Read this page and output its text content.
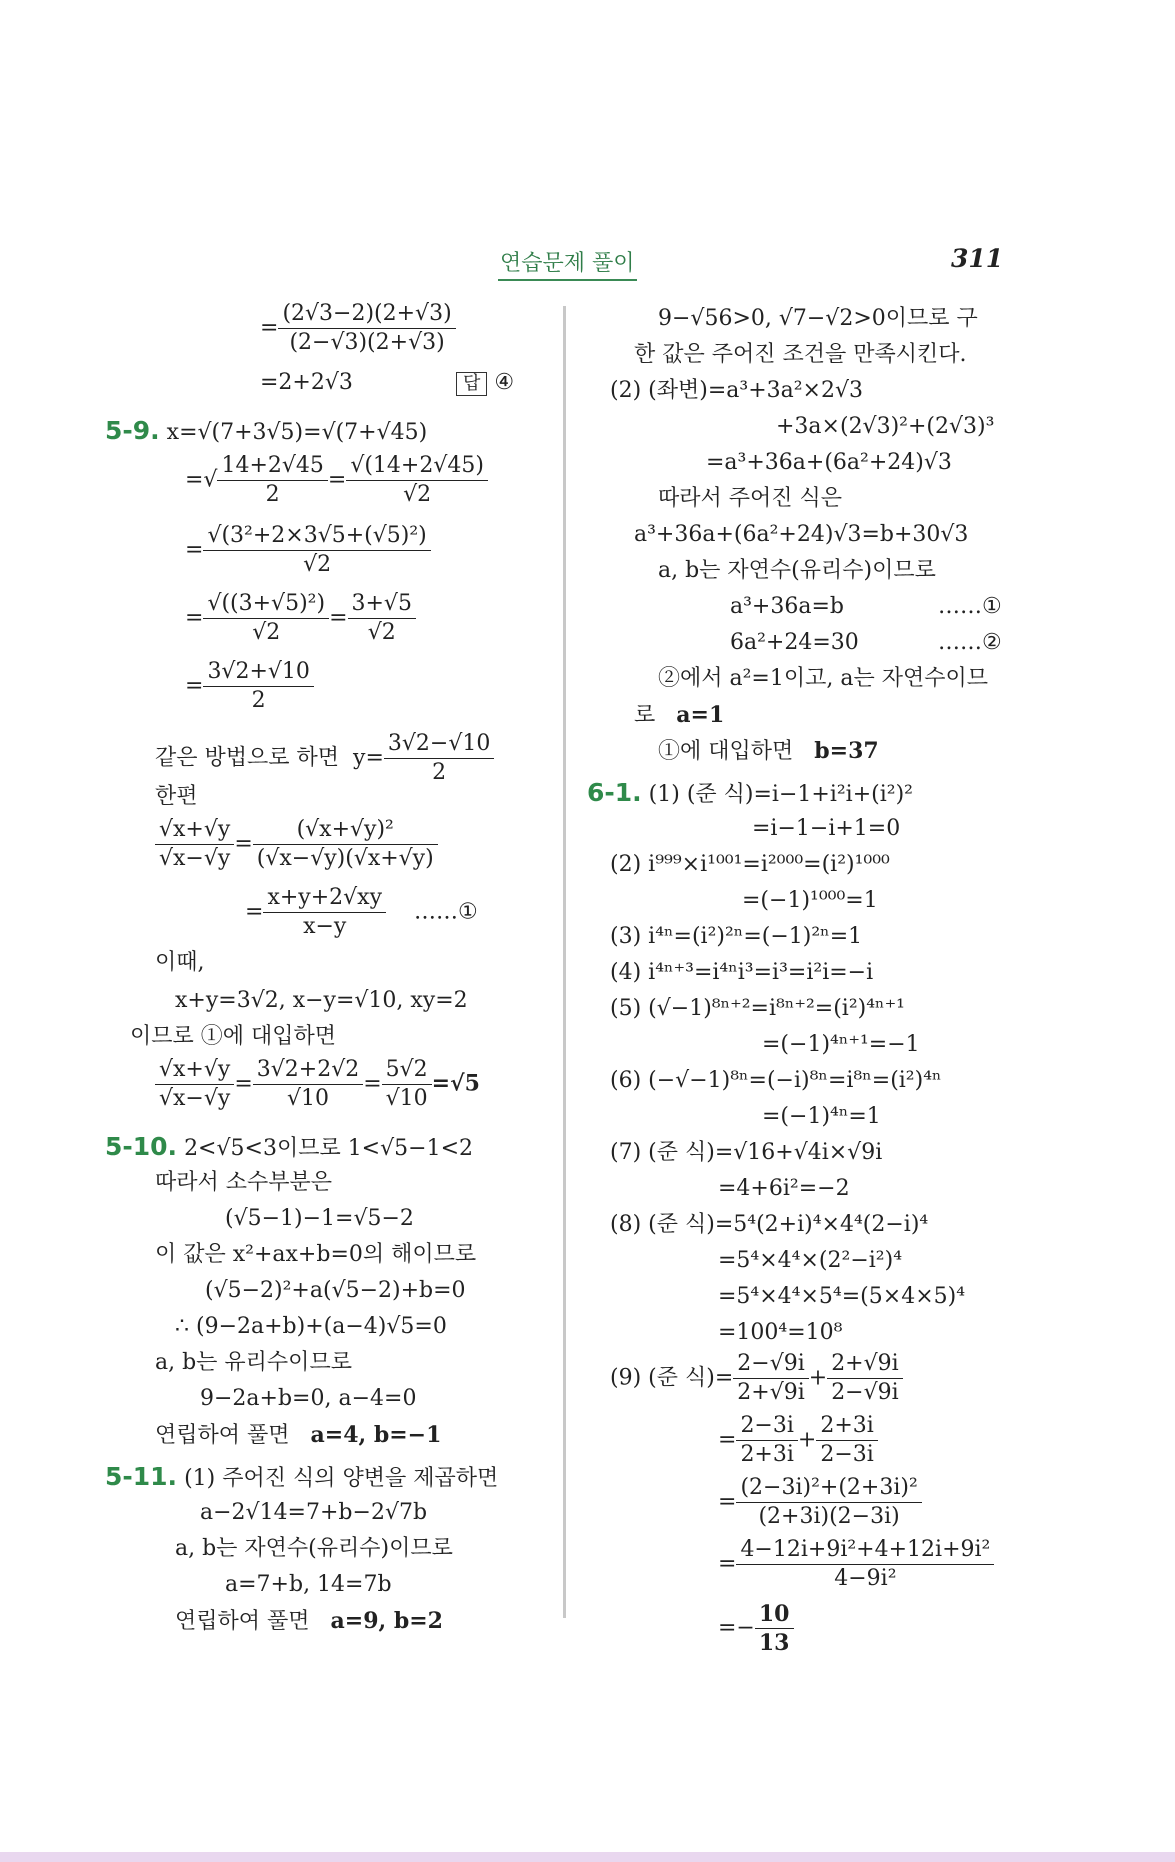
연습문제 풀이	311
= $\frac{(2√3-2)(2+√3)}{(2-√3)(2+√3)}$
=2+2√3	답 ④
5-9. x=√(7+3√5)=√(7+√45)
=√ $\frac{14+2√45}{2} = \frac{√(14+2√45)}{√2}$
= $\frac{\text{√(3²+2×3√5+(√5)²)}}{√2}$
= $\frac{\text{√((3+√5)²)}}{√2} = \frac{3+√5}{√2}$
= $\frac{3√2+√10}{2}$
같은 방법으로 하면 $y= \frac{3√2-√10}{2}$
한편
$\frac{√x+√y}{√x-√y} = \frac{\text{(√x+√y)²}}{(√x-√y)(√x+√y)}$
= $\frac{x+y+2√xy}{x-y}$ ……①
이때,
x+y=3√2, x−y=√10, xy=2
이므로 ①에 대입하면
$\frac{√x+√y}{√x-√y} = \frac{3√2+2√2}{√10} = \frac{5√2}{√10} =√5$
5-10. 2<√5<3이므로 1<√5−1<2
따라서 소수부분은
(√5−1)−1=√5−2
이 값은 x²+ax+b=0의 해이므로
(√5−2)²+a(√5−2)+b=0
∴ (9−2a+b)+(a−4)√5=0
a, b는 유리수이므로
9−2a+b=0, a−4=0
연립하여 풀면 a=4, b=−1
5-11. (1) 주어진 식의 양변을 제곱하면
a−2√14=7+b−2√7b
a, b는 자연수(유리수)이므로
a=7+b, 14=7b
연립하여 풀면 a=9, b=2
9−√56>0, √7−√2>0이므로 구
한 값은 주어진 조건을 만족시킨다.
(2) (좌변)=a³+3a²×2√3
+3a×(2√3)²+(2√3)³
=a³+36a+(6a²+24)√3
따라서 주어진 식은
a³+36a+(6a²+24)√3=b+30√3
a, b는 자연수(유리수)이므로
a³+36a=b	……①
6a²+24=30	……②
②에서 a²=1이고, a는 자연수이므
로 a=1
①에 대입하면 b=37
6-1. (1) (준 식)=i−1+i²i+(i²)²
=i−1−i+1=0
(2) i⁹⁹⁹×i¹⁰⁰¹=i²⁰⁰⁰=(i²)¹⁰⁰⁰
=(−1)¹⁰⁰⁰=1
(3) i⁴ⁿ=(i²)²ⁿ=(−1)²ⁿ=1
(4) i⁴ⁿ⁺³=i⁴ⁿi³=i³=i²i=−i
(5) (√−1)⁸ⁿ⁺²=i⁸ⁿ⁺²=(i²)⁴ⁿ⁺¹
=(−1)⁴ⁿ⁺¹=−1
(6) (−√−1)⁸ⁿ=(−i)⁸ⁿ=i⁸ⁿ=(i²)⁴ⁿ
=(−1)⁴ⁿ=1
(7) (준 식)=√16+√4i×√9i
=4+6i²=−2
(8) (준 식)=5⁴(2+i)⁴×4⁴(2−i)⁴
=5⁴×4⁴×(2²−i²)⁴
=5⁴×4⁴×5⁴=(5×4×5)⁴
=100⁴=10⁸
(9) (준 식)= $\frac{2-√9i}{2+√9i} + \frac{2+√9i}{2-√9i}$
= $\frac{2-3i}{2+3i} + \frac{2+3i}{2-3i}$
= $\frac{\text{(2−3i)²+(2+3i)²}}{(2+3i)(2-3i)}$
= $\frac{\text{4−12i+9i²+4+12i+9i²}}{\text{4−9i²}}$
=− $\frac{10}{13}$
